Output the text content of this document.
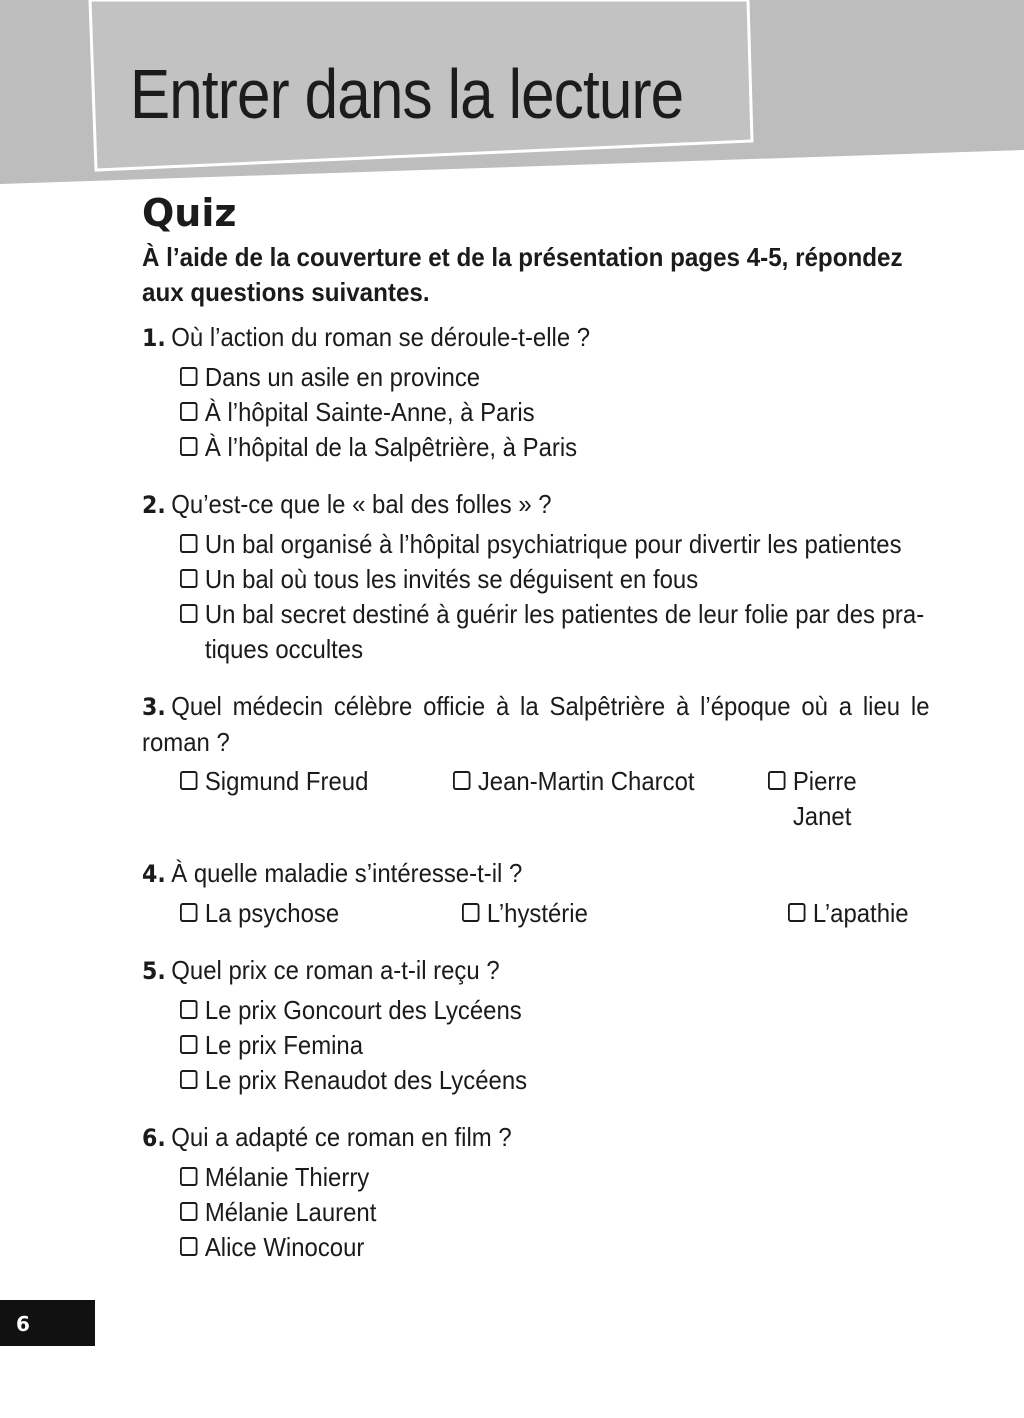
Entrer dans la lecture
Quiz

À l’aide de la couverture et de la présentation pages 4-5, répondez aux questions suivantes.

1. Où l’action du roman se déroule-t-elle ?

Dans un asile en province
À l’hôpital Sainte-Anne, à Paris
À l’hôpital de la Salpêtrière, à Paris

2. Qu’est-ce que le « bal des folles » ?

Un bal organisé à l’hôpital psychiatrique pour divertir les patientes
Un bal où tous les invités se déguisent en fous
Un bal secret destiné à guérir les patientes de leur folie par des pra-tiques occultes

3. Quel médecin célèbre officie à la Salpêtrière à l’époque où a lieu le roman ?

Sigmund Freud	Jean-Martin Charcot	Pierre Janet

4. À quelle maladie s’intéresse-t-il ?

La psychose	L’hystérie	L’apathie

5. Quel prix ce roman a-t-il reçu ?

Le prix Goncourt des Lycéens
Le prix Femina
Le prix Renaudot des Lycéens

6. Qui a adapté ce roman en film ?

Mélanie Thierry
Mélanie Laurent
Alice Winocour
6
